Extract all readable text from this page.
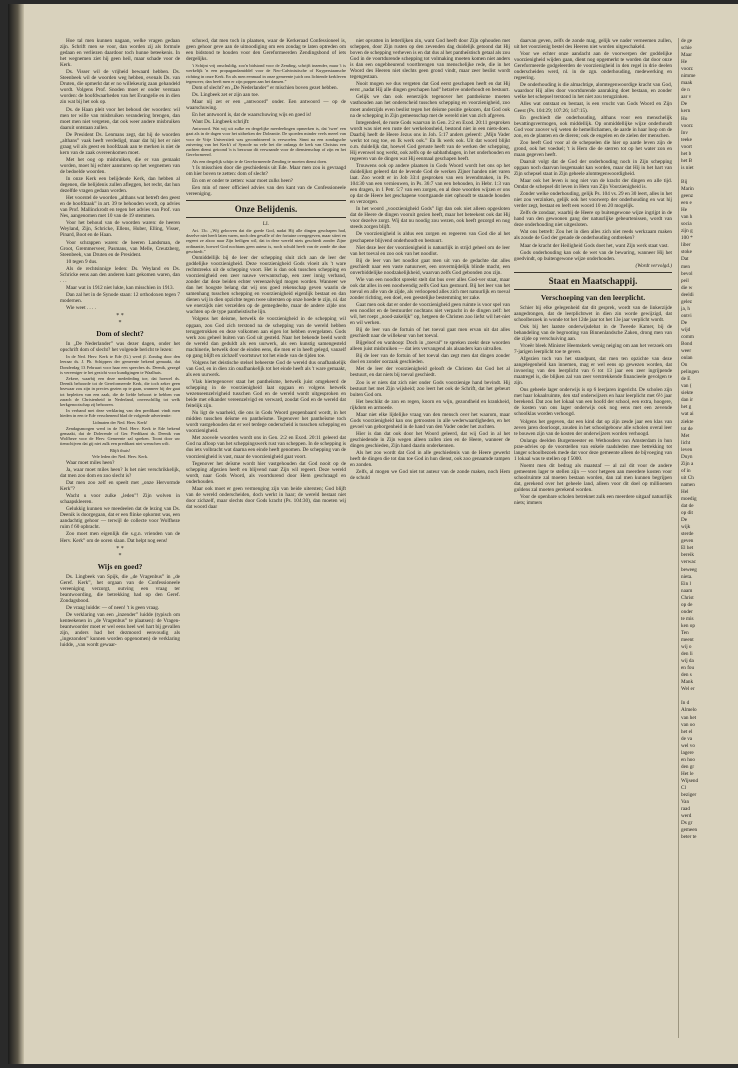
Hoe tal men kunnen nagaan, welke vragen gedaan zijn. Schrift men se voor, dan worden zij als formule gedaan en verliezen daardoor toch hunne beteekenis. In het wegnemen ziet hij geen heil, maar schade voor de Kerk.

Ds. Visser wil de vrijheid bewaard hebben. Ds. Steenbeek wil de woorden weg hebben, evenals Ds. van Druten, die opmerkt dat er no willekeurig zaan gehandeld wordt. Volgens Prof. Snoden moet er onder verstaan worden: de hoofdwaarheden van het Evangelie en in dien zin wat bij het ook op.

Ds. de Haan pleit voor het behoud der woorden: wil men ter wille van misbruiken verandering brengen, dan moet men niet vergeten, dat ook weer andere misbruiken daaruit ontstaan zullen.

De President Ds. Lenmans zegt, dat hij de woorden „althans” vaak heeft verdedigd, maar dat hij het er niet graag wil als geest en hoofdzaak aan te merken is niet de kern van de zaak overeenkomen moet.

Met het oog op misbruiken, die er van gemaakt worden, moet hij echter aansturen op het wegnemen van de bedoelde woorden.

In onze Kerk een belijdende Kerk, dan hebben al degenen, die belijdenis zullen afleggen, het recht, dat hun dezelfde vragen gedaan worden.

Het voorstel de woorden „althans wat betreft den geest en de hoofdzaak” in art. 39 te behouden wordt, op advies van Prof. Mallinckrodt en tegen het advies van Prof. van Nes, aangenomen met 10 van de 19 stemmen.

Voor het behoud van de woorden waren: de heeren Weyland, Zijn, Schricke, Ellens, Huber, Elling, Visser, Pinard, Boot en de Haan.

Voor schrappen waren: de heeren Landsman, de Groot, Gremmerveer, Pasmans, van Melle, Creutzberg, Steenbeek, van Druten en de President.

10 tegen 9 dus.

Als de rechtsinnige leden: Ds. Weyland en Ds. Schricke eens aan den anderen kant gekomen waren, dan . . .

Maar wat in 1912 niet lukte, kan misschien in 1913.

Dan zal het in de Synode staan: 12 orthodoxen tegen 7 modernen.

Wie weet . . . .

* *
*
Dom of slecht?

In „De Nederlander” was dezer dagen, onder het opschrift dom of slecht? het volgende bericht te lezen:

In de Ned. Herv. Kerk te Ede (G.) werd jl. Zondag door den leeraar ds. J. Ph. Schippers der gemeente bekend gemaakt, dat Donderdag 13 Februari voor haar een speeches ds. Deenik, gezegd is vereeniger te het gezicht voor kundigingen te Waalhuis.

Zekere, waarbij een deze medededing toe, dat hoewel ds. Deenik behoorde tot de Gereformeerde Kerk, die toch zeker geen bezwaar zou zijn in precies gezien op te gaan, wanneer hij der gaat tot bepleiten van een zaak, die de liefde behoort te hebben van zarach de Christenheid in Nederland, onverschillig tot welk kerkgenootschap zij behooren.

In verband met deze verklaring van den predikant vindt men hieden in een te Ede verschenend blad de volgende advertentie:

Lidmaten der Ned. Herv. Kerk!

Zendagsmorgen werd in de Ned. Herv. Kerk te Ede bekend gemaakt, dat de Dolerende of Ger. Predikant ds. Deenik van Wolfheze voor de Herv. Gemeente zal spreken. Toont door uw tienschijven dat gij niet zulk een predikant niet wenschen wilt.

Blijft thuis!

Vele leden der Ned. Herv. Kerk.

Waar moet miles heen?

Ja, waar moet miles heen? Is het niet verschrikkelijk, dat men zoo dom en zoo slecht is?

Dat men zoo zelf en speelt met „onze Hervormde Kerk”?

Wacht u voor zulke „leden”! Zijn wolven in schaapskleeren.

Gelukkig kunnen we meedeelen dat de lezing van Ds. Deenik is doorgegaan, dat er een flinke opkomst was, een aandachtig gehoor — terwijl de collecte voor Wolfheze ruim f 60 opbracht.

Zoo moet men eigenlijk die s.g.n. vrienden van de Herv. Kerk” om de ooren slaan. Dat helpt nog eens!

* *
*
Wijs en goed?

Ds. Lingbeek van Spijk, die „de Vragenbus” in „de Geref. Kerk”, het orgaan van de Confessioneele vereeniging verzorgt, outving een vraag ter beantwoording, die betrekking had op den Geref. Zondagsbood.

De vraag luidde: — of neen! 't is geen vraag.

De verklaring van een „inzender” luidde (typisch om kenteekenen in „de Vragenbus” te plaatsen): de Vragen-beantwoorder moet er wel eens heel wel hart bij gevallen zijn, anders had het dezmoord eenvoudig als „ingezonden” kunnen worden opgenomen) de verklaring luidde, „van wordt gewaar-

schuwd, dat men toch in plaatsen, waar de Kerkeraad Confessioneel is, geen gehoor geve aan de uitnoodiging om een zondag te laten optreden om een bidstond te houden voor den Gereformeerden Zendingsbond of iets dergelijks.

't Schijnt vrij onschuldig, zoo'n bidstond voor de Zending, schrijft inzender, maar 't is werkelijk 'n een propagandamiddel voor de Neo-Calvinistische of Kuypersiaansche richting in onze Kerk. En als men eenmaal in onze gemeente juich ons lichtende kerkleven tegenover, dan heeft men er zijn poppen aan het dansen.”

Dom of slecht? en „De Nederlander” er mischien boven gezet hebben.

Ds. Lingbeek zet er zijn aan toe.

Maar nij zet er een „antwoord” onder. Een antwoord — op de waarschuwing.

En het antwoord is, dat de waarschuwing wijs en goed is!

Want Ds. Lingbeek schrijft:

Antwoord. Wat wij uit zulke en dergelijke meedeelingen opmerken is, dat 'twee' een gaat als in de dagen voor het uitbreken der Doleantie. De spoeden minder veels meeel van voor de Vrije Universiteit was gecombineerd is verwoefen. Sinnt na een zondagsche zuivering van het Kerk't of Synode na vele het die onlangs de kerk van Christus een zachten dienst getoond 'n is bezwaar dit verwaande voor de dienstenschap of zijn en het Gereformeerd.

Als een dergelijk schijn te de Gereformeerde Zending te moeten dienst doen.

't Is misschien door die geschiedenis uit Ede. Maar men zou is gevraagd om hier boven te zetten: dom of slecht?

En om er onder te zetten: waar moet zulks heen?

Een min of meer officieel advies van den kant van de Confessioneele vereeniging.

Onze Belijdenis.

LI.

Art. 13c. „Wij gelooven dat die goede God, nadat Hij alle dingen geschapen had, dezelve niet heeft laten varen, noch den gevalle of der fortuine overgegeven, maar stiert en regeert ze alzoo naar Zijn heiligen wil, dat in deze wereld niets geschiedt zonder Zijne ordinantie, hoewel God nochtans geen auteur is, noch schuld heeft van de zonde die daar geschiedt.”

Onmiddellijk bij de leer der schepping sluit zich aan de leer der goddelijke voorzienigheid. Deze voorzienigheid Gods vloeit als 't ware rechtstreeks uit de schepping voort. Het is dan ook tusschen schepping en voorzienigheid een zeer nauwe verwantschap, een zeer innig verband, zonder dat deze beiden echter vereenzelvigd mogen worden. Wanneer we dan het hoogste belang dat wij ons goed rekenschap geven waarin de samenhang tusschen schepping en voorzienigheid eigenlijk bestaat en dan dienen wij in dien opzichte tegen twee uitersten op onze hoede te zijn, nl. dat we enerzijds niet verzelden op de gemegdeelte, maar de andere zijde ons wachten op de type pantheistische lijn.

Volgens het deisme, hetwelk de voorzienigheid in de schepping wil opgaan, zou God zich terstond na de schepping van de wereld hebben teruggetrokken en deze volkomen aan eigen lot hebben overgelaten. Gods werk zou geheel buiten van God uit gesteld. Naar het bekende beeld wordt de wereld dan geduldt als een uurwerk, als een kunstig samengesteld machinerie, hetwelk door de einden eens, die men er in heeft gelegd, vanzelf op gang blijft en zichzelf voortstuwt tot het einde van de tijden toe.

Volgens het deistische stelsel beheerste God de wereld dus onafhankelijk van God, en in dien zin onafhankelijk tot het einde heeft als 't ware gemaakt, als een uurwerk.

Vlak hiertegenover staat het pantheïsme, hetwelk juist omgekeerd de schepping in de voorzienigheid laat opgaan en volgens hetwelk wezenseenzelvigheid tusschen God en de wereld wordt uitgesproken en beide met elkander vereenzelvigd en verward, zoodat God en de wereld dat feitelijk zijn.

Nu ligt de waarheid, die ons in Gods Woord geopenbaard wordt, in het midden tusschen deïsme en pantheïsme. Tegenover het pantheïsme toch wordt vastgehouden dat er wel terdege onderscheid is tusschen schepping en voorzienigheid.

Met zoovele woorden wordt ons in Gen. 2:2 en Exod. 20:11 geleerd dat God na afloop van het scheppingswerk rust van scheppen. In de schepping is dus iets volbracht wat daarna een einde heeft genomen. De schepping van de voorzienigheid is vast, maar de voorzienigheid gaat voort.

Tegenover het deïsme wordt hier vastgehouden dat God nooit op de schepping afgezien heeft en blijvend naar Zijn wil regeert. Deze wereld wordt, naar Gods Woord, als voortdurend door Hem geschraagd en onderhouden.

Maar ook moet er geen vermenging zijn van beide uitersten; God blijft van de wereld onderscheiden, doch werkt in haar; de wereld bestaat niet door zichzelf, maar slechts door Gods kracht (Ps. 104:30), dan moeten wij dat woord daar

niet opvatten in letterlijken zin, want God heeft door Zijn ophouden met scheppen, door Zijn rusten op den zevenden dag duidelijk getoond dat Hij boven de schepping verheven is en dat dus al het pantheïstisch getaal als zou God in de voortdurende schepping tot volmaking moeten komen niet anders is dan een ongebbeurend voortbrengen van menschelijke rede, die in het Woord des Heeren niet slechts geen grond vindt, maar zeer beslist wordt tegengestaan.

Nooit mogen we dus vergeten dat God eerst geschapen heeft en dat Hij eerst „nadat Hij alle dingen geschapen had” hetzelve onderhoudt en bestuurt.

Gelijk we dan ook eenerzijds tegenover het pantheïsme moeten vasthouden aan het onderscheid tusschen schepping en voorzienigheid, zoo moet anderzijds even beslist tegen het deïsme positie gekozen, dat God ook na de schepping in Zijn gemeenschap met de wereld niet van zich afgeven.

Integendeel, de ruste Gods waarvan in Gen. 2:2 en Exod. 20:11 gesproken wordt was niet een ruste der werkeloosheid, bestond niet in een niets-doen. Daarbij heeft de Heere Jezus ons in Joh. 5:17 anders geleerd: „Mijn Vader werkt tot nog toe, en Ik werk ook.” En Ik werk ook. Uit dat woord blijkt o.m. duidelijk dat, hoewel God geruste heeft van de werken der schepping, Hij evenwel nog werkt, ook zelfs op de sabbathdagen, in het onderhouden en regeeren van de dingen wat Hij eenmaal geschapen heeft.

Trouwens ook op andere plaatsen in Gods Woord wordt het ons op het duidelijkst geleerd dat de levende God de werken Zijner handen niet varen laat. Zoo wordt er in Job 33:4 gesproken van een levendmaken, in Ps. 104:30 van een vernieuwen, in Ps. 36:7 van een behouden, in Hebr. 1:3 van een dragen, in 1 Petr. 5:7 van een zorgen, en al deze woorden wijzen er ons op dat de Heere het geschapene voortgaande niet ophoudt te staande houden en verzorgen.

In het woord „voorzienigheid Gods” ligt dan ook niet alleen opgesloten dat de Heere de dingen vooruit gezien heeft, maar het beteekent ook dat Hij voor dezelve zorgt. Wij dat nu noodig zou wezen, ook heeft gezorgd en nog steeds zorgen blijft.

De voorzienigheid is aldus een zorgen en regeeren van God die al het geschapene blijvend onderhoudt en bestuurt.

Niet deze leer der voorzienigheid is natuurlijk in strijd geheel om de leer van het toeval en zoo ook van het noodlot.

Bij de leer van het noodlot gaat men uit van de gedachte dat alles geschiedt naar een vaste natuurwet, een onvermijdelijk blinde macht, een onverbiddelijke noodzakelijkheid, waarvan zelfs God gebonden zou zijn.

Wie van een noodlot spreekt stelt dat bus over alles God-ver staat, maar ook dat alles in een noodwendig zelfs God kan gestuurd. Bij het leer van het toeval en alle van de zijde, als verloopend alles zich met natuurlijk en toeval zonder richting, een doel, een geestelijke bestemming ter zake.

Gaat men ook dat er onder de voorzienigheid geen ruimte is voor spel van een noodlot en de bestuurder nochtans niet verpacht in de dingen zelf: het wil, het roept „nood-zakelijk” op, hetgeen de Christen zoo liefst wil het-niet en wil werken.

Bij de leer van de fortuin of het toeval gaat men ervan uit dat alles geschiedt naar de willekeur van het toeval.

Bijgeloof en wanhoop: Doch in „toeval” te spreken zoekt deze woorden alleen juist misbruiken — dat iets vervangend als alsanders kan uitvallen.

Bij de leer van de fortuin of het toeval dan zegt men dat dingen zonder doel en zonder oorzaak geschieden.

Met de leer der voorzienigheid gelooft de Christen dat God het al bestuurt, en dat niets bij toeval geschiedt.

Zoo is er niets dat zich niet onder Gods voorzienige hand bevindt. Hij bestuurt het met Zijn wijsheid; zoo leert het ook de Schrift, dat het gebeurt buiten God om.

Het beschikt de zon en regen, koorn en wijn, gezondheid en krankheid, rijkdom en armoede.

Maar niet elke lijdelijke vraag van den mensch over het waarom, maar Gods voorzienigheid kan ons getroosten in alle wederwaardigheden, en het gevoel van geborgenheid in de hand van den Vader onder het zuchten.

Hier is dan dat ook door het Woord geleerd, dat wij God in al het geschiedende in Zijn wegen alleen zullen zien en de Heere, wanneer de dingen geschieden, Zijn hand daarin onderkennen.

Als het zoo wordt dat God in alle geschiedenis van de Heere gewerkt heeft de dingen die tot dan toe God in hun dienst, ook zoo genaamde rampen en zonden.

Zelfs, al mogen we God niet tot auteur van de zonde maken, noch Hem de schuld

daarvan geven, zelfs de zonde mag, gelijk we nader verneemen zullen, uit het voorzienig bestel des Heeren niet worden uitgeschakeld.

Voor we echter onze aandacht aan de voorwerpen der goddelijke voorzienigheid wijden gaan, dient nog opgemerkt te worden dat door onze Gereformeerde godgeleerden de voorzienigheid in den regel in drie deelen onderscheiden werd, nl. in de zgn. onderhouding, medewerking en regeering.

De onderhouding is die almachtige, alomtegenwoordige kracht van God, waardoor Hij alles door voortdurende aanraking doet bestaan, en zonder welke het schepsel terstond in het niet zou terugzinken.

Alles wat ontstaat en bestaat, is een vrucht van Gods Woord en Zijn Geest (Ps. 104:29; 107:26; 147:15).

En geschiedt die onderhouding, althans voor een menschelijk bevattingsvermogen, ook middellijk. Op onmiddellijke wijze onderhoudt God voor zoover wij weten de hemellichamen, de aarde in haar loop om de zon, en de planten en de dieren; ook de engelen en de zielen der menschen.

Zoo heeft God voor al de schepselen die hier op aarde leven zijn de grond, ook het voedsel; 't is Hem die de sterren tot op het water zon en maan gegeven heeft.

Daaruit volgt dat de God der onderhouding noch in Zijn schepping opgaan noch daarvan losgemaakt kan worden, maar dat Hij in het hart van Zijn schepsel staat in Zijn geheele alomtegenwoordigheid.

Maar ook het leven is nog niet van de kracht der dingen en alle tijd. Omdat de schepsel dit leven in Hem van Zijn Voorzienigheid is.

Zonder welke onderhouding, gelijk Ps. 104 vs. 29 en 30 leert, alles in het niet zou verzinken, gelijk ook het voorwerp der onderhouding en wat hij verder zegt, bestaat en leeft een woord 10 en 20 mogelijk.

Zelfs de zondaar, waarbij de Heere op buitengewone wijze ingrijpt in de hand van den gewoonen gang der natuurlijke gebeurtenissen, wordt van deze onderhouding niet uitgesloten.

Wat ons betreft: Zou het in dien alles zich niet reeds werkzaam maken als zoude de God der genade de onderhouding ontbreken?

Maar de kracht der Heiligheid Gods doet het, want Zijn werk staat vast.

Gods onderhouding kan ook de wet van de bewaring, wanneer Hij het goedvindt, op buitengewone wijze onderhouden.

(Wordt vervolgd.)

Staat en Maatschappij.
Verschoeping van den leerplicht.

Schier bij elke gelegenheid dat dit gesprek, wordt van de linkerzijde aangedrongen, dat de leerplichtwet in dien zin worde gewijzigd, dat schoolbezoek in wonde tot het 12de jaar tot het 13e jaar verplicht wordt.

Ook bij het laatste onderwijsdebat in de Tweede Kamer, bij de behandeling van de begrooting van Binnenlandsche Zaken, drong men van die zijde op verschuiving aan.

Vroeër bleek Minister Heemskerk wenig neiging om aan het verzoek om 7-jarigen leerplicht toe te geven.

Afgezien toch van het standpunt, dat men ten opzichte van deze aangelegenheid kan innemen, mag er wel eens op gewezen worden, dat invoering van den leerplicht van 6 tot 13 jaar een zeer ingrijpende maatregel is, die blijken zal van zeer verstrekkende financieele gevolgen te zijn.

Ons geheele lager onderwijs is op 6 leerjaren ingericht. De scholen zijn met haar lokaalruimte, den staf onderwijzers en haar leerplicht met 6½ jaar berekend. Dat zou het lokaal van een hoofd der school, een extra, hoogere, de kosten van ons lager onderwijs ook nog eens met een zevende schoolklas worden verhoogd.

Volgens het gegeven, dat een kind dat op zijn zesde jaar een klas van zeven jaren doorloopt, zouden in het schoolgebouw alle scholen overal leer te bouwen zijn van de kosten der onderwijzers worden verhoogd.

Onlangs deelden Burgemeester en Wethouders van Amsterdam in hun prae-advies op de voorstellen van enkele raadsleden mee betrekking tot langer schoolbezoek mede dat voor deze gemeente alleen de bijvoeging van 1 lokaal was te stellen op f 5000.

Noemt men dit bedrag als maatstaf — al zal dit voor de andere gemeenten lager te stellen zijn — voor hetgeen aan meerdere kosten voor schoolruimte zal moeten bestaan worden, dan zal men kunnen begrijpen dat, gerekend over het geheele land, alleen voor dit doel op millioenen guldens zal moeten gerekend worden.

Voor de openbare scholen betreknet zulk een meerdere uitgaaf natuurlijk niets; immers

de ge

schie

Maar

He

voorz

nimme

maak

de n

aar v

De

kern

Ho

voorz

Inv

teeke

voort

het b

het B

is niet

Bij

Marin

geenz

een e

He

van h

socia

zijn g

100 *

liber

stoke

Dat

men

bevol

peil

die w

deeldi

gelez

ja, h

ontvi

De

wijd

comm

Bond

weer

onlan

On

pelingen

de E

van (

siekte

dan ir

het g

wat ai

ziekte

tot de

Met

licht

leven

Duyn

Zijn a

of in

uit Ch

namen

Hel

moedig

dat de

op dit

De

wijk

sterde

geven

El het

bereik

verwac

beweeg

nieta.

Ein l

naam

Christ

op de

onder

te mis

ken op

Ten

meent

wij o

den li

wij da

en fou

den s

Mank

Wel er

In d

Almelo

van het

van oo

het el

de va

wel vo

lagere

en hoo

den gr

Het le

Wijsend

Cl

beziger

Van

raad

werd

Ds gr

gemeen

beter te
